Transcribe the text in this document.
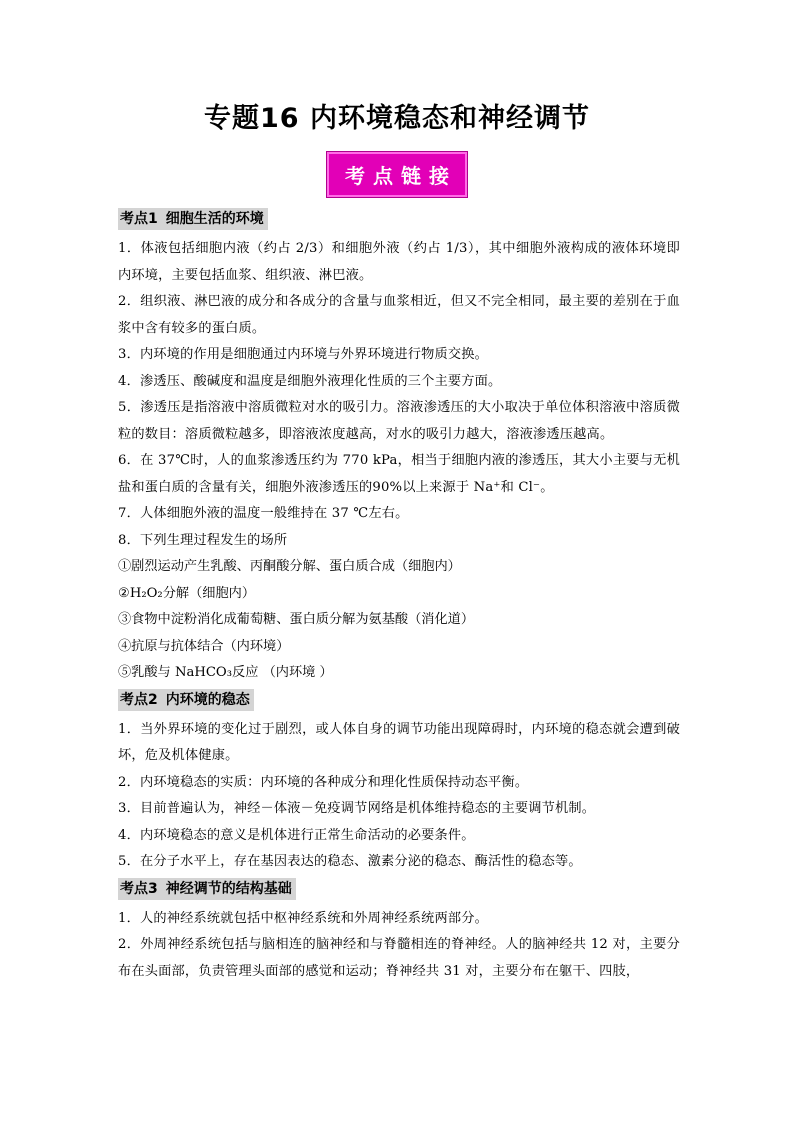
专题16 内环境稳态和神经调节
考点链接
考点1 细胞生活的环境

1．体液包括细胞内液（约占 2/3）和细胞外液（约占 1/3），其中细胞外液构成的液体环境即内环境，主要包括血浆、组织液、淋巴液。

2．组织液、淋巴液的成分和各成分的含量与血浆相近，但又不完全相同，最主要的差别在于血浆中含有较多的蛋白质。

3．内环境的作用是细胞通过内环境与外界环境进行物质交换。

4．渗透压、酸碱度和温度是细胞外液理化性质的三个主要方面。

5．渗透压是指溶液中溶质微粒对水的吸引力。溶液渗透压的大小取决于单位体积溶液中溶质微粒的数目：溶质微粒越多，即溶液浓度越高，对水的吸引力越大，溶液渗透压越高。

6．在 37℃时，人的血浆渗透压约为 770 kPa，相当于细胞内液的渗透压，其大小主要与无机盐和蛋白质的含量有关，细胞外液渗透压的90%以上来源于 Na⁺和 Cl⁻。

7．人体细胞外液的温度一般维持在 37 ℃左右。

8．下列生理过程发生的场所

①剧烈运动产生乳酸、丙酮酸分解、蛋白质合成（细胞内）

②H₂O₂分解（细胞内）

③食物中淀粉消化成葡萄糖、蛋白质分解为氨基酸（消化道）

④抗原与抗体结合（内环境）

⑤乳酸与 NaHCO₃反应 （内环境 ）

考点2 内环境的稳态

1．当外界环境的变化过于剧烈，或人体自身的调节功能出现障碍时，内环境的稳态就会遭到破坏，危及机体健康。

2．内环境稳态的实质：内环境的各种成分和理化性质保持动态平衡。

3．目前普遍认为，神经－体液－免疫调节网络是机体维持稳态的主要调节机制。

4．内环境稳态的意义是机体进行正常生命活动的必要条件。

5．在分子水平上，存在基因表达的稳态、激素分泌的稳态、酶活性的稳态等。

考点3 神经调节的结构基础

1．人的神经系统就包括中枢神经系统和外周神经系统两部分。

2．外周神经系统包括与脑相连的脑神经和与脊髓相连的脊神经。人的脑神经共 12 对，主要分布在头面部，负责管理头面部的感觉和运动；脊神经共 31 对，主要分布在躯干、四肢，
